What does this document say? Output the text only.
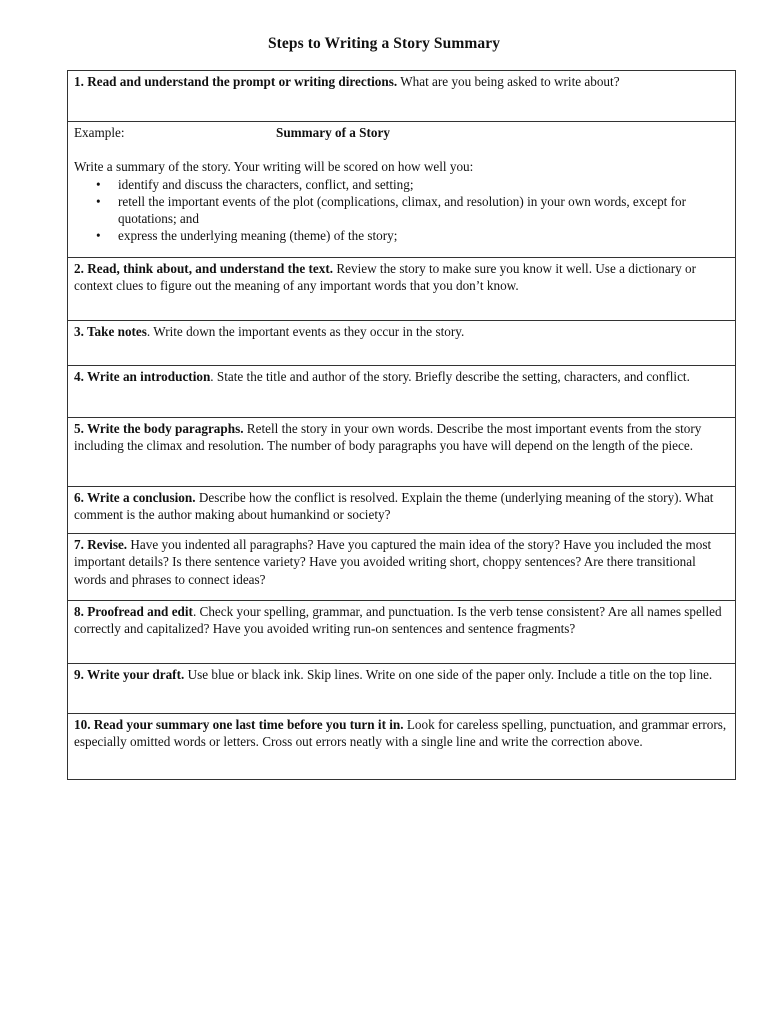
Steps to Writing a Story Summary
1. Read and understand the prompt or writing directions. What are you being asked to write about?

Example:	Summary of a Story
Write a summary of the story. Your writing will be scored on how well you:
• identify and discuss the characters, conflict, and setting;
• retell the important events of the plot (complications, climax, and resolution) in your own words, except for quotations; and
• express the underlying meaning (theme) of the story;

2. Read, think about, and understand the text. Review the story to make sure you know it well. Use a dictionary or context clues to figure out the meaning of any important words that you don’t know.
3. Take notes. Write down the important events as they occur in the story.
4. Write an introduction. State the title and author of the story. Briefly describe the setting, characters, and conflict.
5. Write the body paragraphs. Retell the story in your own words. Describe the most important events from the story including the climax and resolution. The number of body paragraphs you have will depend on the length of the piece.
6. Write a conclusion. Describe how the conflict is resolved. Explain the theme (underlying meaning of the story). What comment is the author making about humankind or society?
7. Revise. Have you indented all paragraphs? Have you captured the main idea of the story? Have you included the most important details? Is there sentence variety? Have you avoided writing short, choppy sentences? Are there transitional words and phrases to connect ideas?
8. Proofread and edit. Check your spelling, grammar, and punctuation. Is the verb tense consistent? Are all names spelled correctly and capitalized? Have you avoided writing run-on sentences and sentence fragments?
9. Write your draft. Use blue or black ink. Skip lines. Write on one side of the paper only. Include a title on the top line.
10. Read your summary one last time before you turn it in. Look for careless spelling, punctuation, and grammar errors, especially omitted words or letters. Cross out errors neatly with a single line and write the correction above.
